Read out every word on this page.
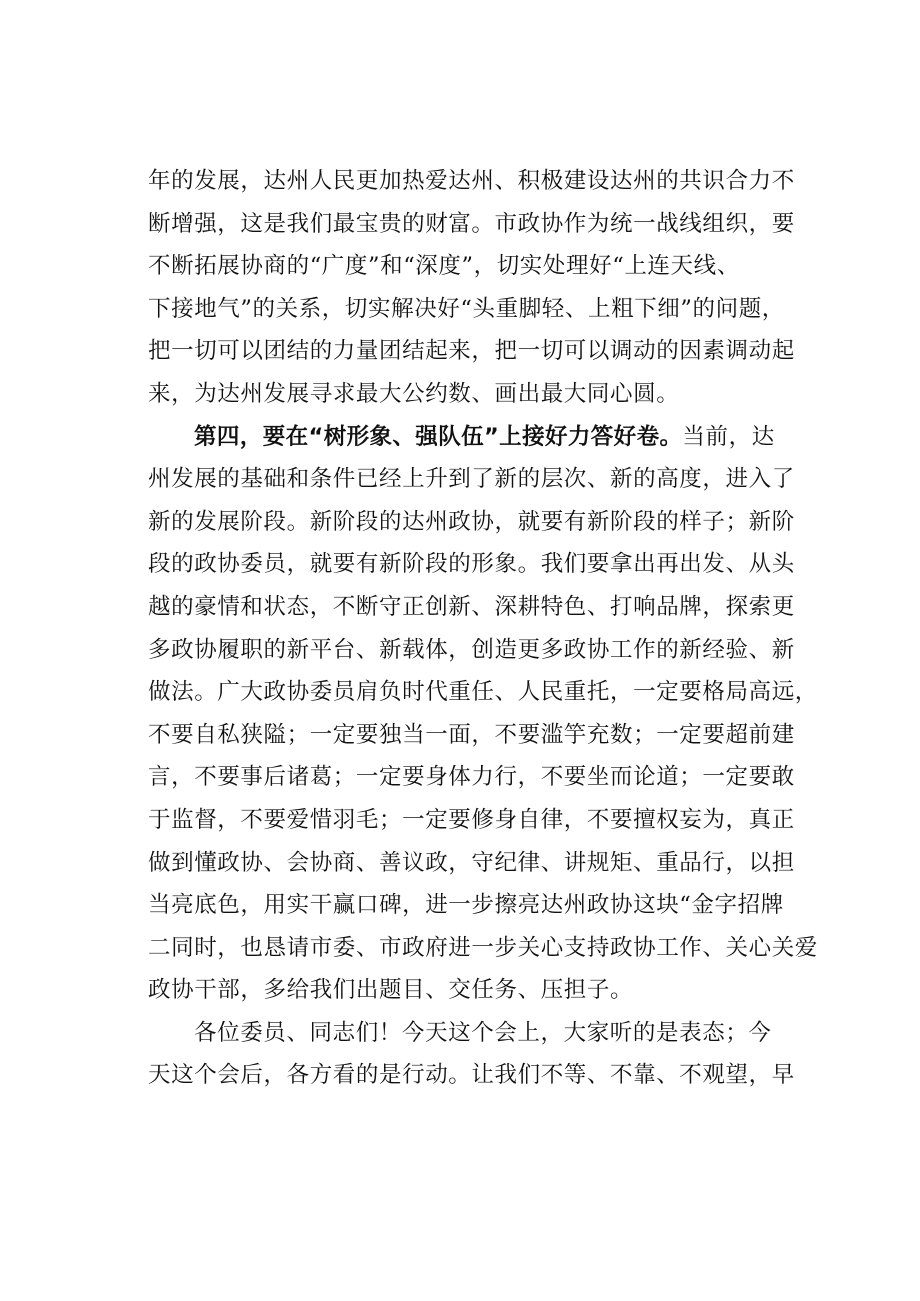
年的发展，达州人民更加热爱达州、积极建设达州的共识合力不
断增强，这是我们最宝贵的财富。市政协作为统一战线组织，要
不断拓展协商的“广度”和“深度”，切实处理好“上连天线、
下接地气”的关系，切实解决好“头重脚轻、上粗下细”的问题，
把一切可以团结的力量团结起来，把一切可以调动的因素调动起
来，为达州发展寻求最大公约数、画出最大同心圆。
第四，要在“树形象、强队伍”上接好力答好卷。当前，达
州发展的基础和条件已经上升到了新的层次、新的高度，进入了
新的发展阶段。新阶段的达州政协，就要有新阶段的样子；新阶
段的政协委员，就要有新阶段的形象。我们要拿出再出发、从头
越的豪情和状态，不断守正创新、深耕特色、打响品牌，探索更
多政协履职的新平台、新载体，创造更多政协工作的新经验、新
做法。广大政协委员肩负时代重任、人民重托，一定要格局高远，
不要自私狭隘；一定要独当一面，不要滥竽充数；一定要超前建
言，不要事后诸葛；一定要身体力行，不要坐而论道；一定要敢
于监督，不要爱惜羽毛；一定要修身自律，不要擅权妄为，真正
做到懂政协、会协商、善议政，守纪律、讲规矩、重品行，以担
当亮底色，用实干赢口碑，进一步擦亮达州政协这块“金字招牌
二同时，也恳请市委、市政府进一步关心支持政协工作、关心关爱
政协干部，多给我们出题目、交任务、压担子。
各位委员、同志们！今天这个会上，大家听的是表态；今
天这个会后，各方看的是行动。让我们不等、不靠、不观望，早
